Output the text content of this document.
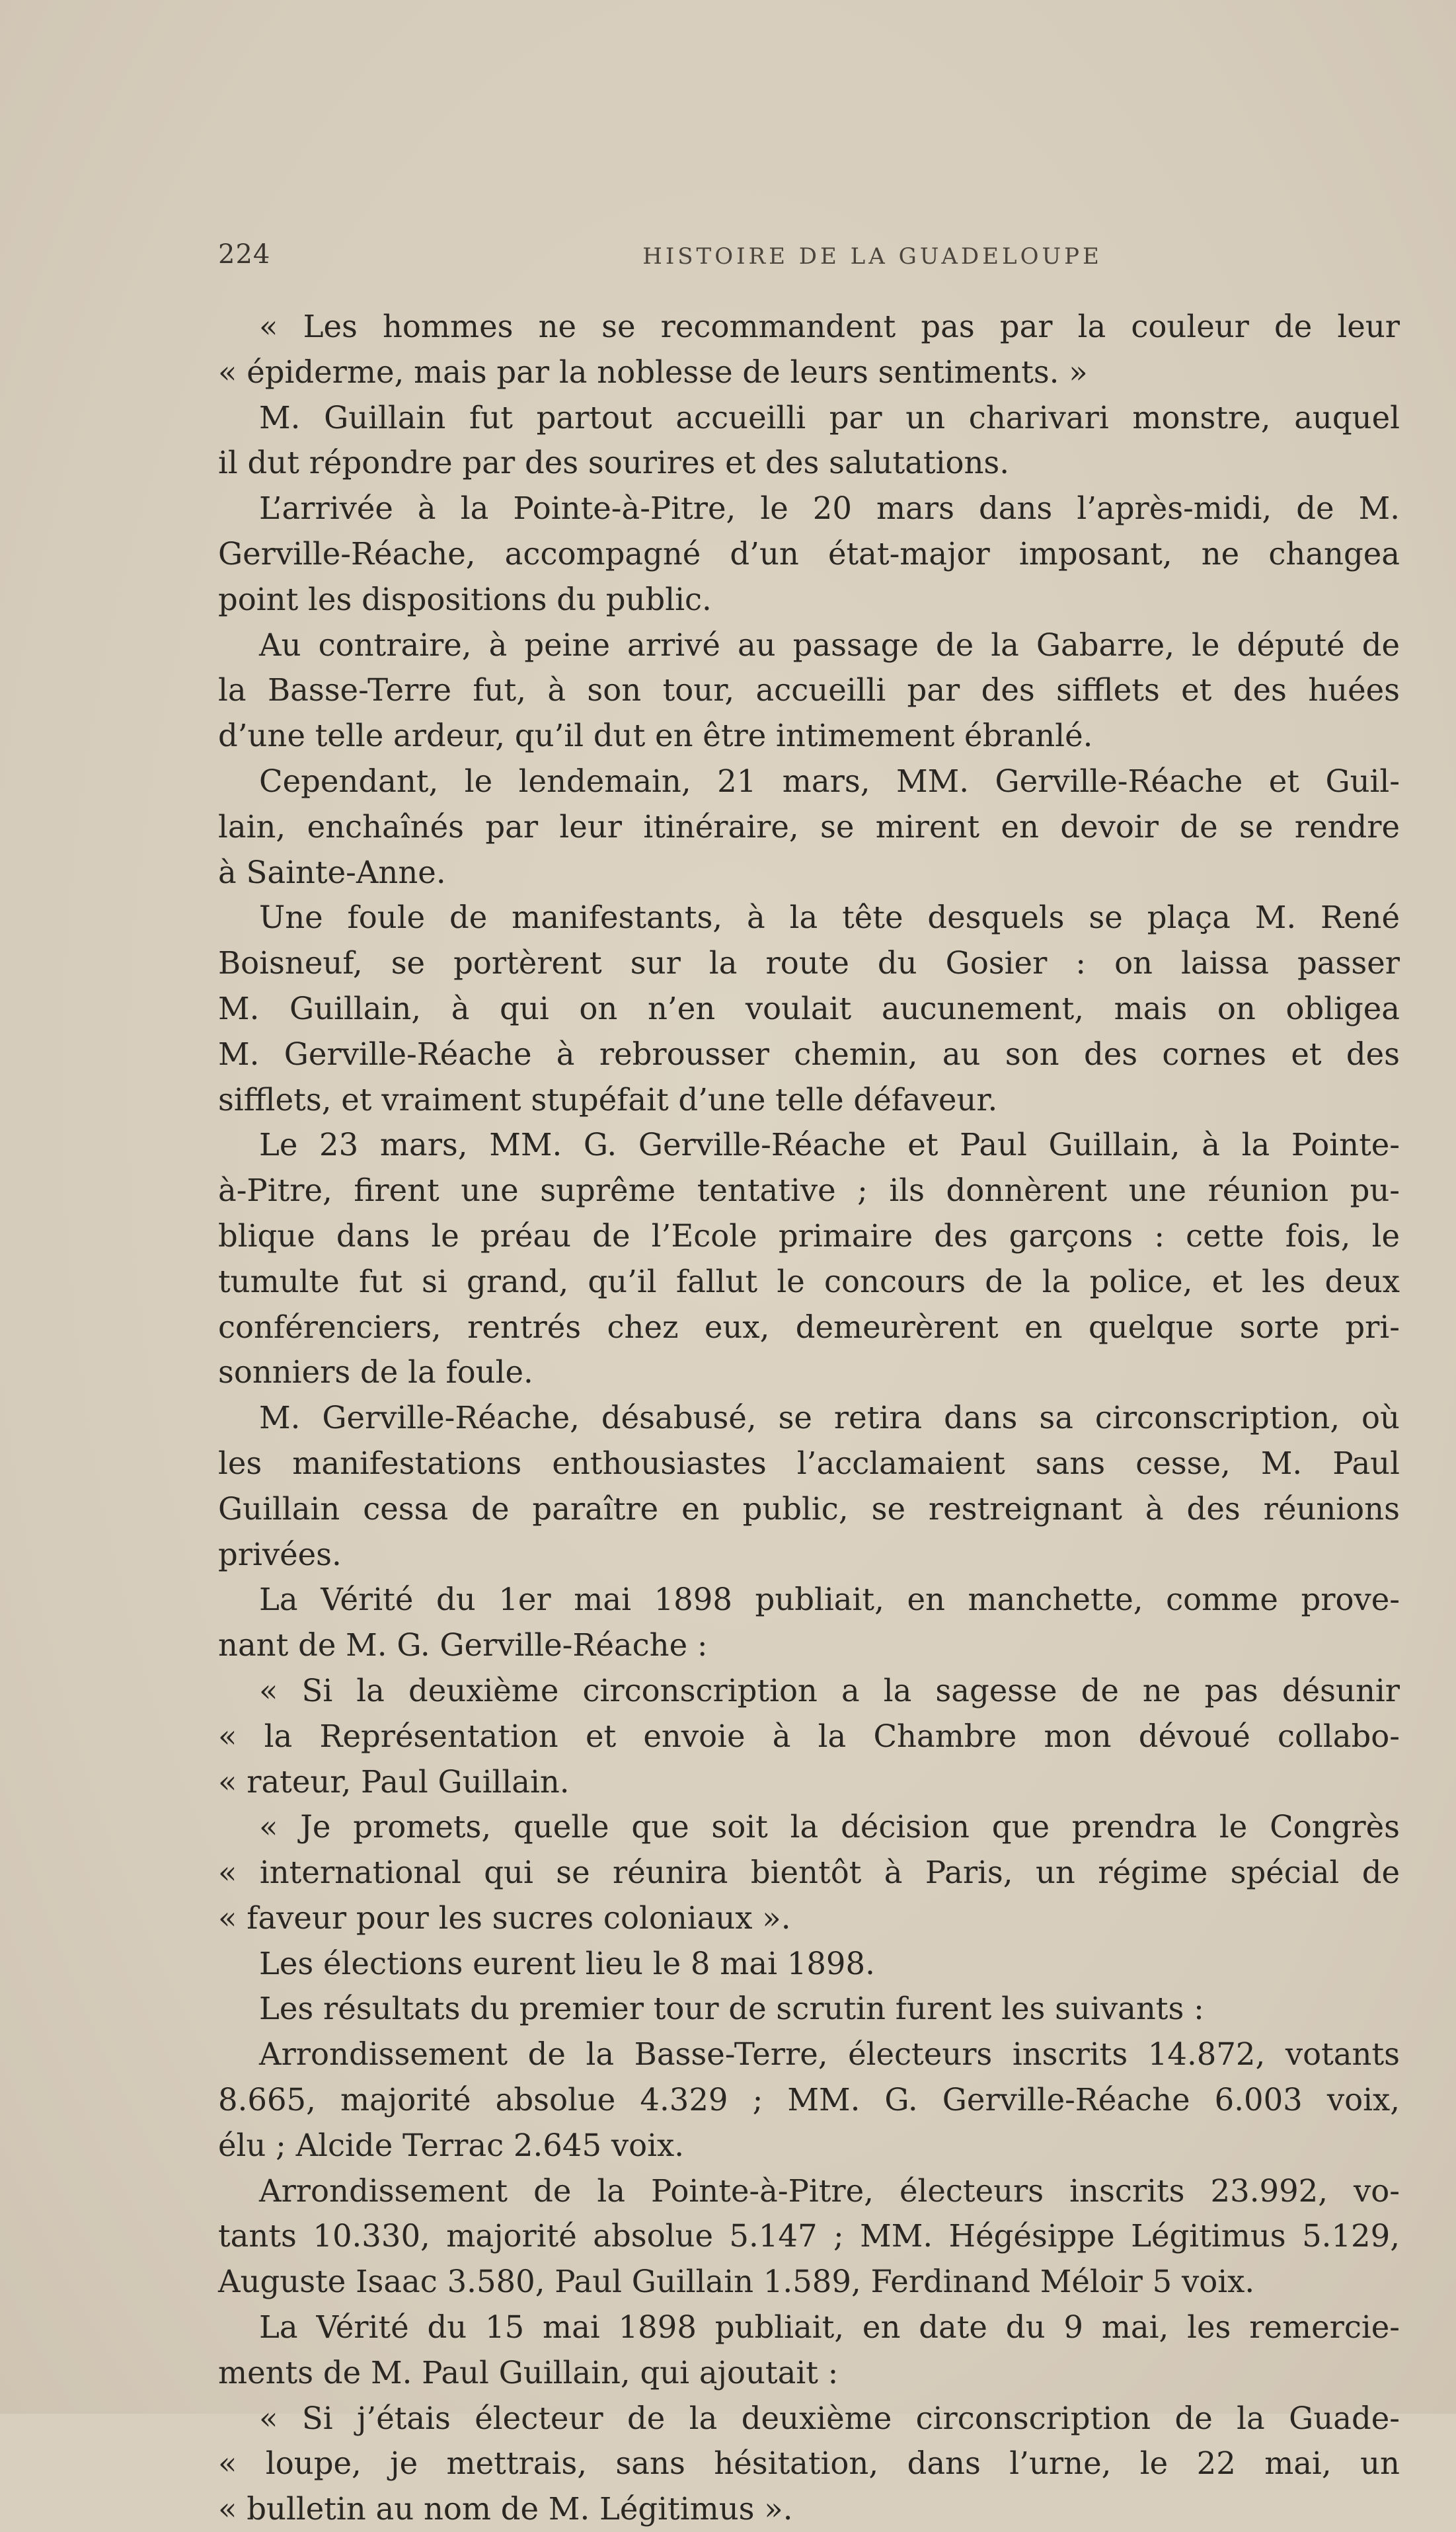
224	HISTOIRE DE LA GUADELOUPE
« Les hommes ne se recommandent pas par la couleur de leur
« épiderme, mais par la noblesse de leurs sentiments. »
M. Guillain fut partout accueilli par un charivari monstre, auquel
il dut répondre par des sourires et des salutations.
L’arrivée à la Pointe-à-Pitre, le 20 mars dans l’après-midi, de M.
Gerville-Réache, accompagné d’un état-major imposant, ne changea
point les dispositions du public.
Au contraire, à peine arrivé au passage de la Gabarre, le député de
la Basse-Terre fut, à son tour, accueilli par des sifflets et des huées
d’une telle ardeur, qu’il dut en être intimement ébranlé.
Cependant, le lendemain, 21 mars, MM. Gerville-Réache et Guil-
lain, enchaînés par leur itinéraire, se mirent en devoir de se rendre
à Sainte-Anne.
Une foule de manifestants, à la tête desquels se plaça M. René
Boisneuf, se portèrent sur la route du Gosier : on laissa passer
M. Guillain, à qui on n’en voulait aucunement, mais on obligea
M. Gerville-Réache à rebrousser chemin, au son des cornes et des
sifflets, et vraiment stupéfait d’une telle défaveur.
Le 23 mars, MM. G. Gerville-Réache et Paul Guillain, à la Pointe-
à-Pitre, firent une suprême tentative ; ils donnèrent une réunion pu-
blique dans le préau de l’Ecole primaire des garçons : cette fois, le
tumulte fut si grand, qu’il fallut le concours de la police, et les deux
conférenciers, rentrés chez eux, demeurèrent en quelque sorte pri-
sonniers de la foule.
M. Gerville-Réache, désabusé, se retira dans sa circonscription, où
les manifestations enthousiastes l’acclamaient sans cesse, M. Paul
Guillain cessa de paraître en public, se restreignant à des réunions
privées.
La Vérité du 1er mai 1898 publiait, en manchette, comme prove-
nant de M. G. Gerville-Réache :
« Si la deuxième circonscription a la sagesse de ne pas désunir
« la Représentation et envoie à la Chambre mon dévoué collabo-
« rateur, Paul Guillain.
« Je promets, quelle que soit la décision que prendra le Congrès
« international qui se réunira bientôt à Paris, un régime spécial de
« faveur pour les sucres coloniaux ».
Les élections eurent lieu le 8 mai 1898.
Les résultats du premier tour de scrutin furent les suivants :
Arrondissement de la Basse-Terre, électeurs inscrits 14.872, votants
8.665, majorité absolue 4.329 ; MM. G. Gerville-Réache 6.003 voix,
élu ; Alcide Terrac 2.645 voix.
Arrondissement de la Pointe-à-Pitre, électeurs inscrits 23.992, vo-
tants 10.330, majorité absolue 5.147 ; MM. Hégésippe Légitimus 5.129,
Auguste Isaac 3.580, Paul Guillain 1.589, Ferdinand Méloir 5 voix.
La Vérité du 15 mai 1898 publiait, en date du 9 mai, les remercie-
ments de M. Paul Guillain, qui ajoutait :
« Si j’étais électeur de la deuxième circonscription de la Guade-
« loupe, je mettrais, sans hésitation, dans l’urne, le 22 mai, un
« bulletin au nom de M. Légitimus ».
